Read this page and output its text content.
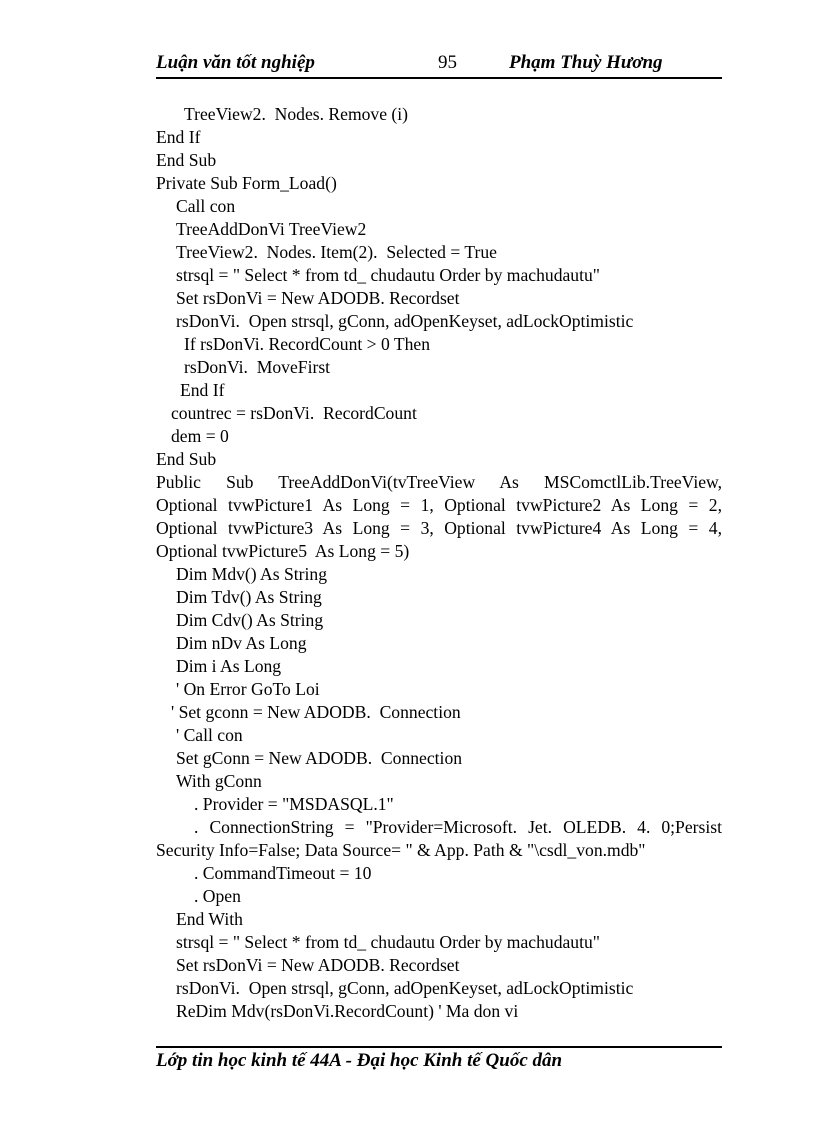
Luận văn tốt nghiệp	95	Phạm Thuỳ Hương
TreeView2.  Nodes. Remove (i)
End If
End Sub
Private Sub Form_Load()
Call con
TreeAddDonVi TreeView2
TreeView2.  Nodes. Item(2).  Selected = True
strsql = " Select * from td_ chudautu Order by machudautu"
Set rsDonVi = New ADODB. Recordset
rsDonVi.  Open strsql, gConn, adOpenKeyset, adLockOptimistic
If rsDonVi. RecordCount > 0 Then
rsDonVi.  MoveFirst
End If
countrec = rsDonVi.  RecordCount
dem = 0
End Sub
Public Sub TreeAddDonVi(tvTreeView As MSComctlLib.TreeView,
Optional tvwPicture1 As Long = 1, Optional tvwPicture2 As Long = 2,
Optional tvwPicture3 As Long = 3, Optional tvwPicture4 As Long = 4,
Optional tvwPicture5  As Long = 5)
Dim Mdv() As String
Dim Tdv() As String
Dim Cdv() As String
Dim nDv As Long
Dim i As Long
' On Error GoTo Loi
' Set gconn = New ADODB.  Connection
' Call con
Set gConn = New ADODB.  Connection
With gConn
. Provider = "MSDASQL.1"
. ConnectionString = "Provider=Microsoft. Jet. OLEDB. 4. 0;Persist
Security Info=False; Data Source= " & App. Path & "\csdl_von.mdb"
. CommandTimeout = 10
. Open
End With
strsql = " Select * from td_ chudautu Order by machudautu"
Set rsDonVi = New ADODB. Recordset
rsDonVi.  Open strsql, gConn, adOpenKeyset, adLockOptimistic
ReDim Mdv(rsDonVi.RecordCount) ' Ma don vi
Lớp tin học kinh tế 44A - Đại học Kinh tế Quốc dân
